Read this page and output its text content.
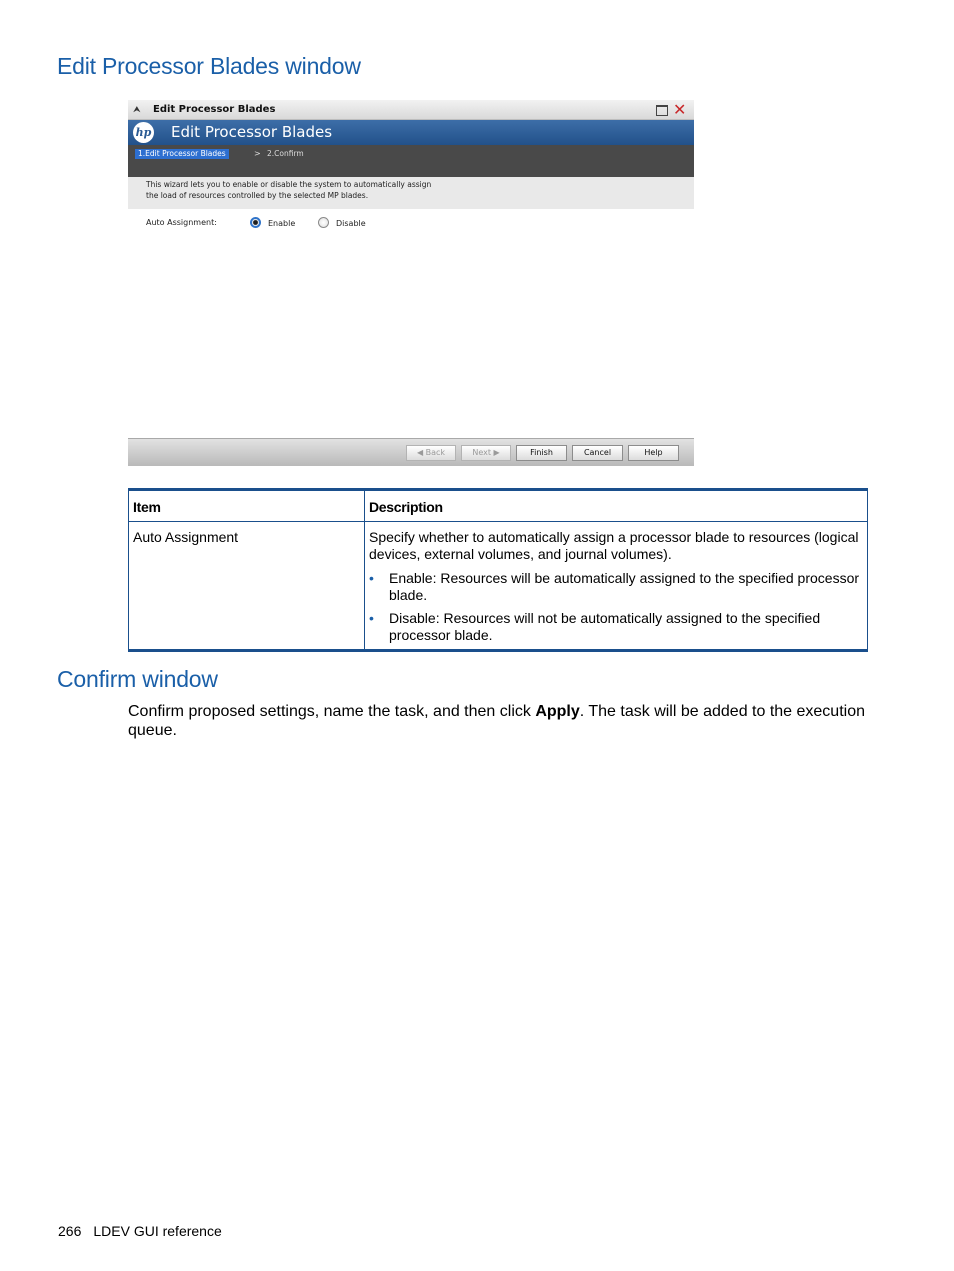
Edit Processor Blades window
⮝ Edit Processor Blades	✕
hp Edit Processor Blades
1.Edit Processor Blades	> 2.Confirm
This wizard lets you to enable or disable the system to automatically assign
the load of resources controlled by the selected MP blades.
Auto Assignment:	Enable	Disable
◀ Back	Next ▶	Finish	Cancel	Help
Item	Description
Auto Assignment	Specify whether to automatically assign a processor blade to resources (logical devices, external volumes, and journal volumes).
• Enable: Resources will be automatically assigned to the specified processor blade.
• Disable: Resources will not be automatically assigned to the specified processor blade.
Confirm window

Confirm proposed settings, name the task, and then click Apply. The task will be added to the execution queue.

266 LDEV GUI reference
